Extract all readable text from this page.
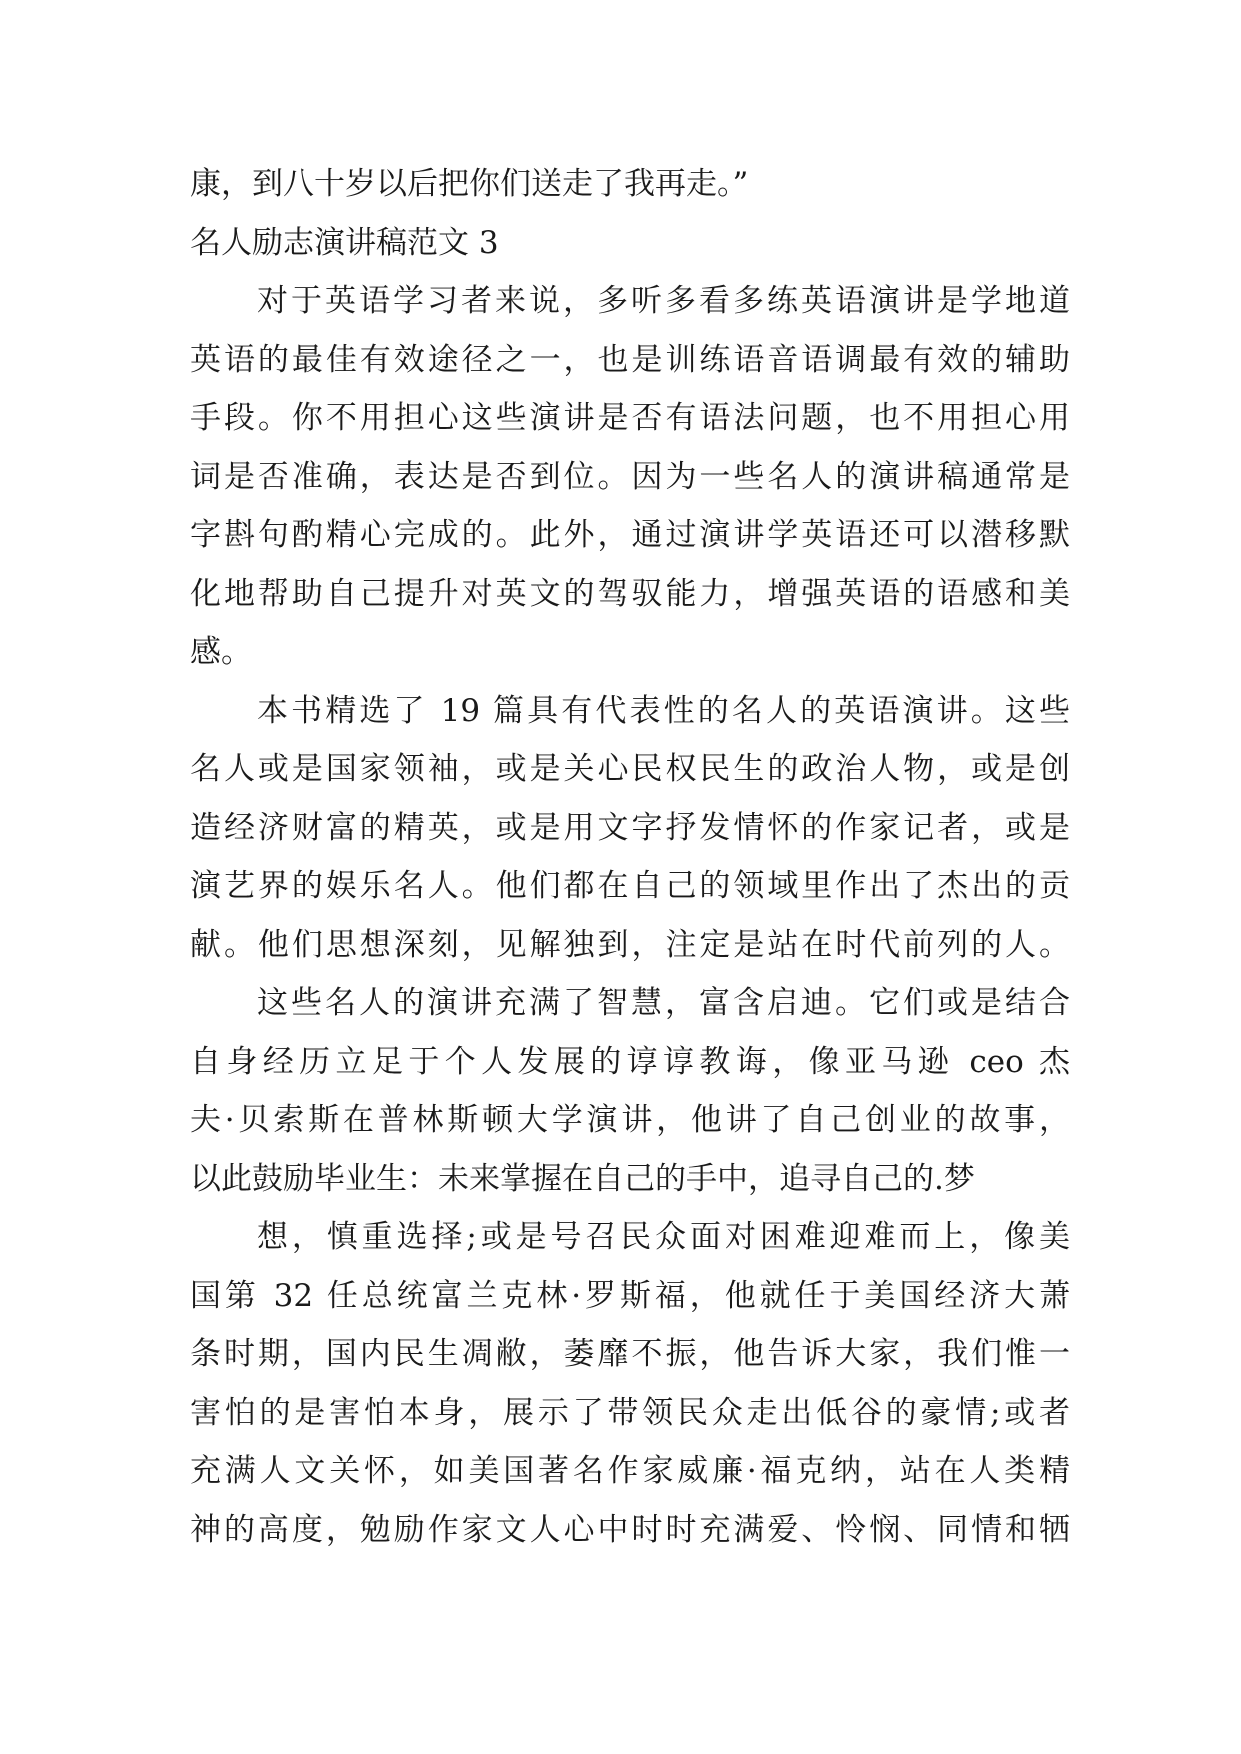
康，到八十岁以后把你们送走了我再走。”
名人励志演讲稿范文 3
对于英语学习者来说，多听多看多练英语演讲是学地道
英语的最佳有效途径之一，也是训练语音语调最有效的辅助
手段。你不用担心这些演讲是否有语法问题，也不用担心用
词是否准确，表达是否到位。因为一些名人的演讲稿通常是
字斟句酌精心完成的。此外，通过演讲学英语还可以潜移默
化地帮助自己提升对英文的驾驭能力，增强英语的语感和美
感。
本书精选了 19 篇具有代表性的名人的英语演讲。这些
名人或是国家领袖，或是关心民权民生的政治人物，或是创
造经济财富的精英，或是用文字抒发情怀的作家记者，或是
演艺界的娱乐名人。他们都在自己的领域里作出了杰出的贡
献。他们思想深刻，见解独到，注定是站在时代前列的人。
这些名人的演讲充满了智慧，富含启迪。它们或是结合
自身经历立足于个人发展的谆谆教诲，像亚马逊 ceo 杰
夫·贝索斯在普林斯顿大学演讲，他讲了自己创业的故事，
以此鼓励毕业生：未来掌握在自己的手中，追寻自己的.梦
想，慎重选择;或是号召民众面对困难迎难而上，像美
国第 32 任总统富兰克林·罗斯福，他就任于美国经济大萧
条时期，国内民生凋敝，萎靡不振，他告诉大家，我们惟一
害怕的是害怕本身，展示了带领民众走出低谷的豪情;或者
充满人文关怀，如美国著名作家威廉·福克纳，站在人类精
神的高度，勉励作家文人心中时时充满爱、怜悯、同情和牺
